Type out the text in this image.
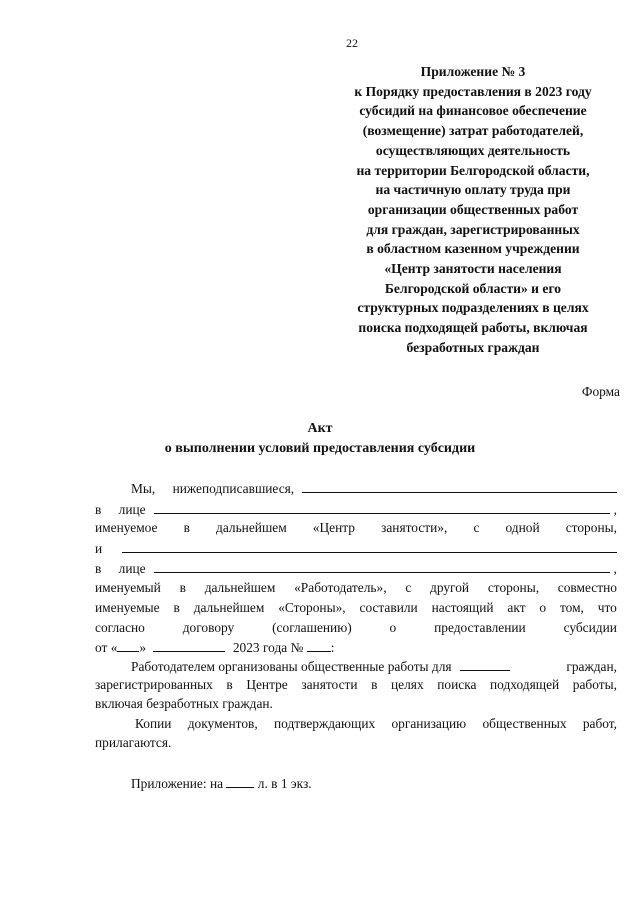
22
Приложение № 3
к Порядку предоставления в 2023 году
субсидий на финансовое обеспечение
(возмещение) затрат работодателей,
осуществляющих деятельность
на территории Белгородской области,
на частичную оплату труда при
организации общественных работ
для граждан, зарегистрированных
в областном казенном учреждении
«Центр занятости населения
Белгородской области» и его
структурных подразделениях в целях
поиска подходящей работы, включая
безработных граждан
Форма
Акт
о выполнении условий предоставления субсидии
Мы, нижеподписавшиеся,
в лице	,
именуемое в дальнейшем «Центр занятости», с одной стороны,
и
в лице	,
именуемый в дальнейшем «Работодатель», с другой стороны, совместно
именуемые в дальнейшем «Стороны», составили настоящий акт о том, что
согласно	договору	(соглашению)	о	предоставлении	субсидии
от « »	2023 года № :
Работодателем организованы общественные работы для	граждан,
зарегистрированных в Центре занятости в целях поиска подходящей работы,
включая безработных граждан.
Копии документов, подтверждающих организацию общественных работ,
прилагаются.
Приложение: на	л. в 1 экз.
